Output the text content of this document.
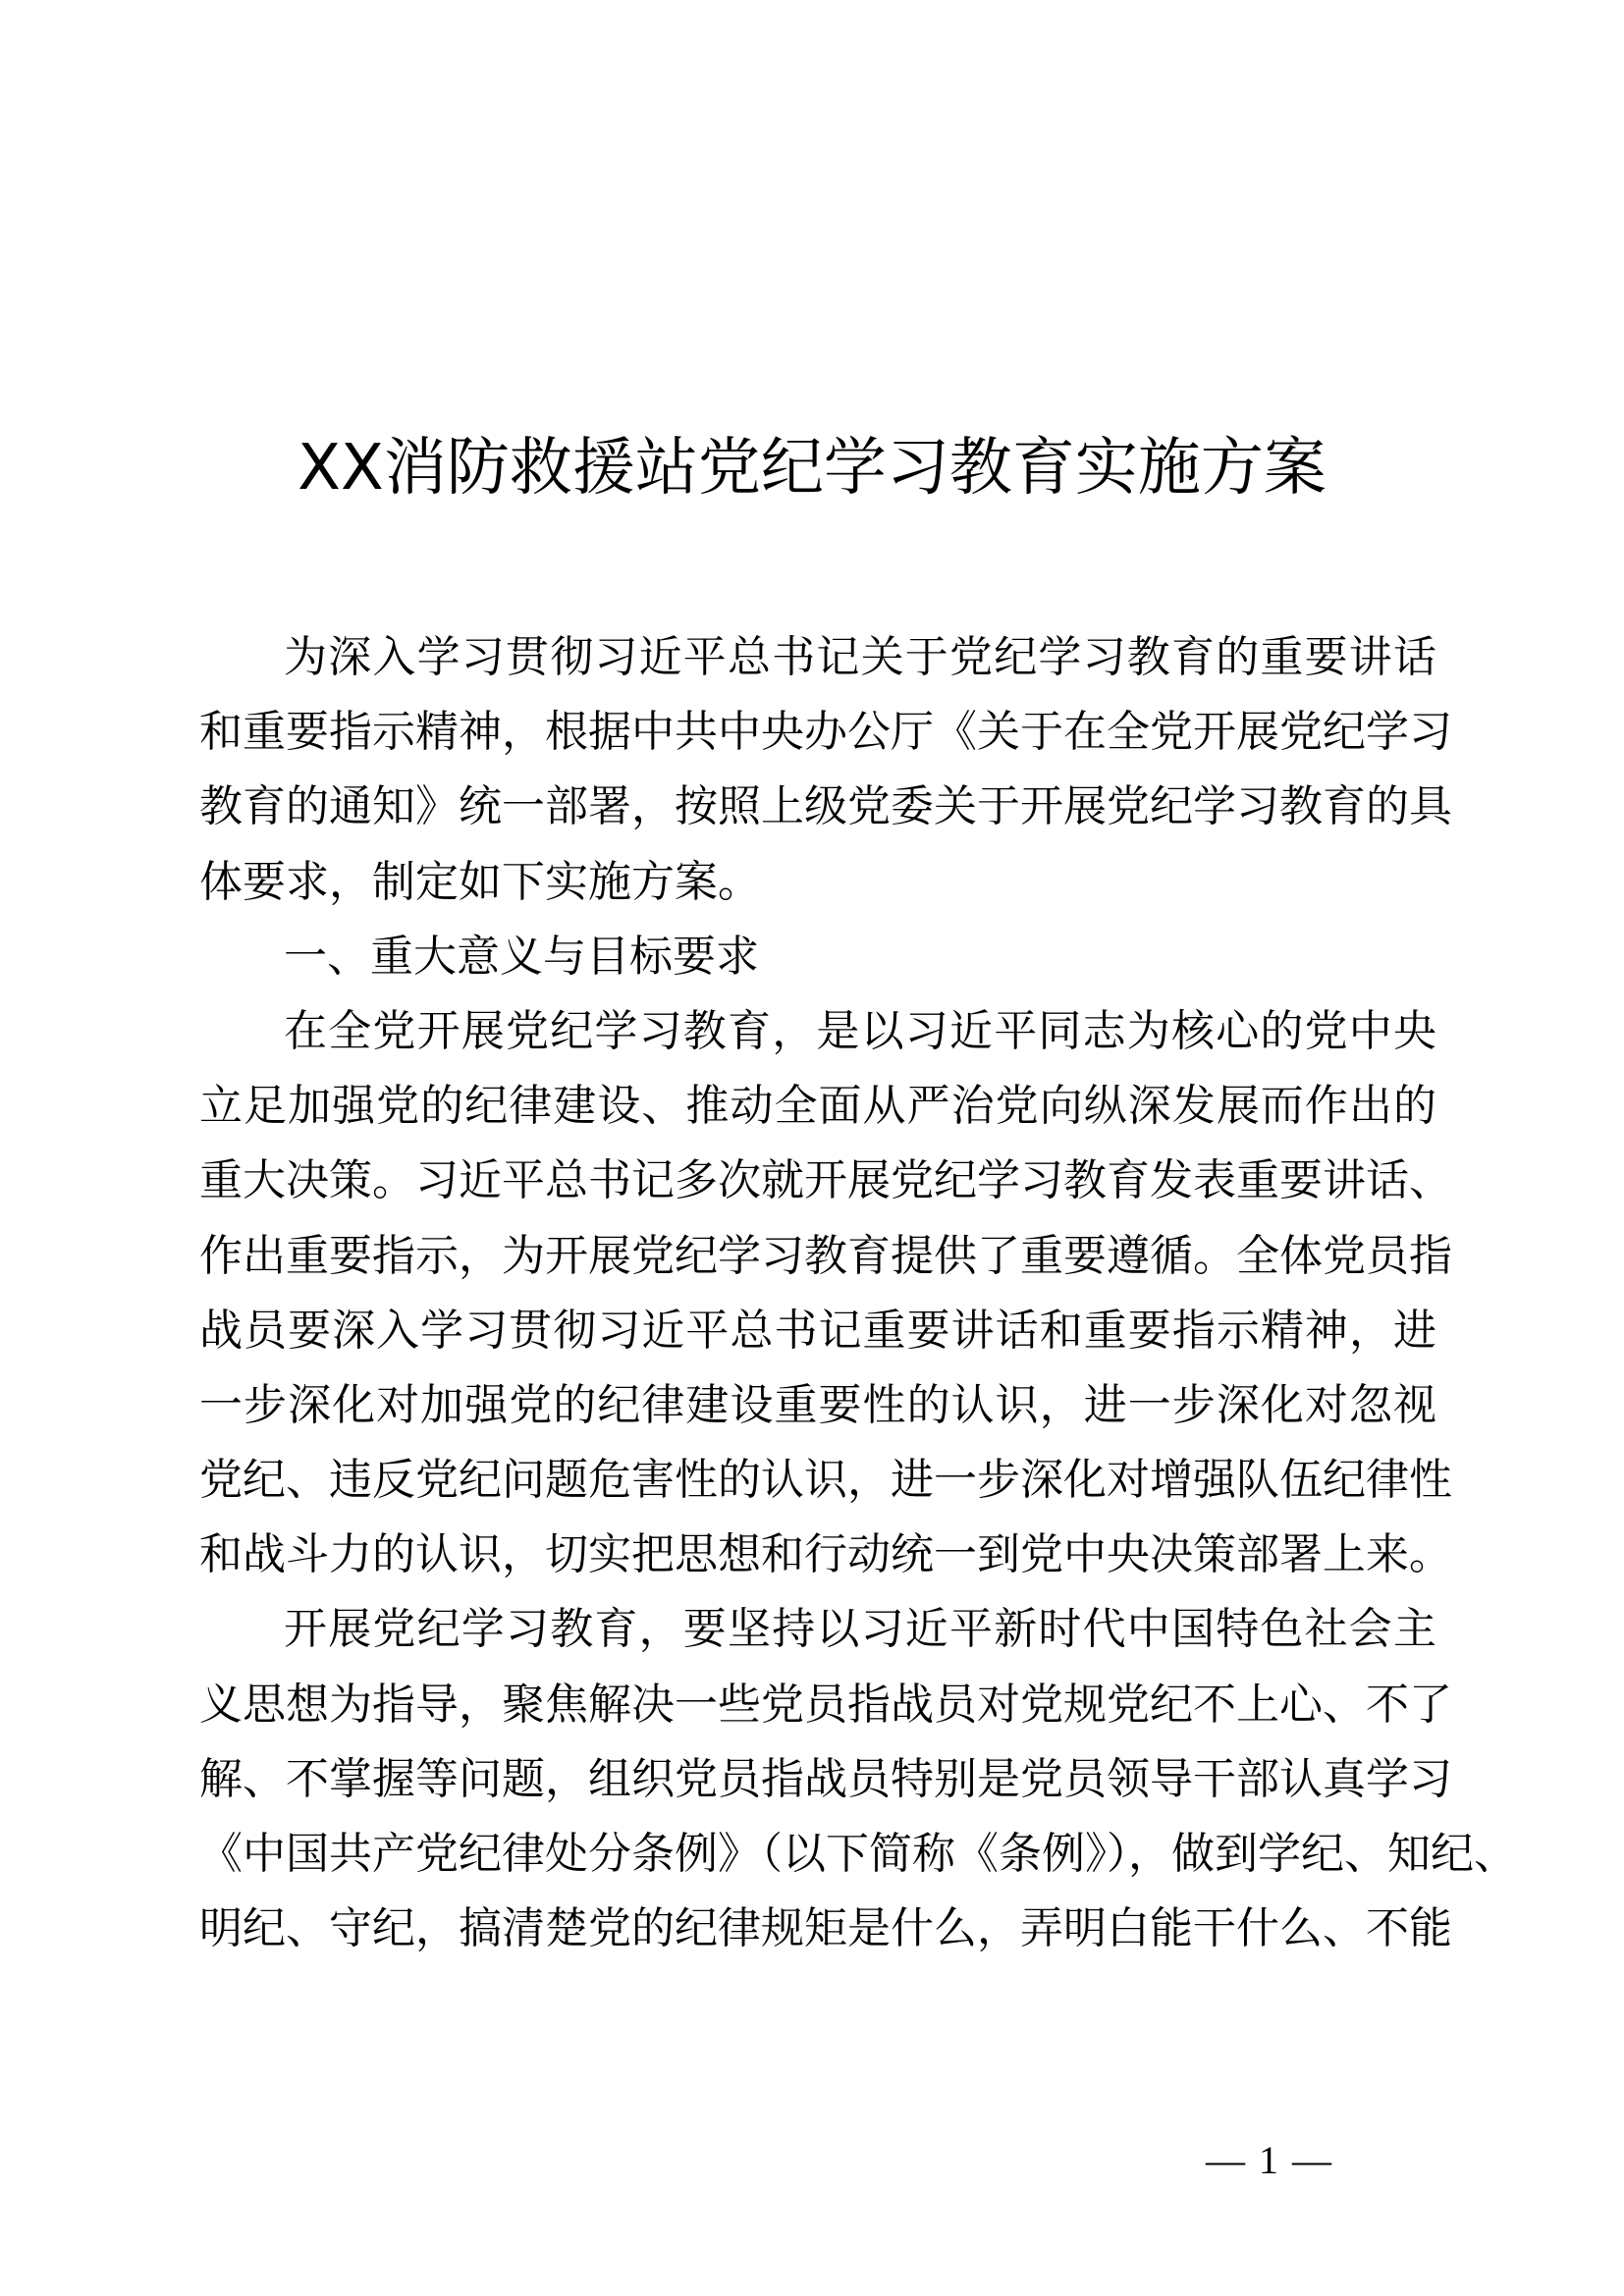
XX消防救援站党纪学习教育实施方案
为深入学习贯彻习近平总书记关于党纪学习教育的重要讲话
和重要指示精神，根据中共中央办公厅《关于在全党开展党纪学习
教育的通知》统一部署，按照上级党委关于开展党纪学习教育的具
体要求，制定如下实施方案。
一、重大意义与目标要求
在全党开展党纪学习教育，是以习近平同志为核心的党中央
立足加强党的纪律建设、推动全面从严治党向纵深发展而作出的
重大决策。习近平总书记多次就开展党纪学习教育发表重要讲话、
作出重要指示，为开展党纪学习教育提供了重要遵循。全体党员指
战员要深入学习贯彻习近平总书记重要讲话和重要指示精神，进
一步深化对加强党的纪律建设重要性的认识，进一步深化对忽视
党纪、违反党纪问题危害性的认识，进一步深化对增强队伍纪律性
和战斗力的认识，切实把思想和行动统一到党中央决策部署上来。
开展党纪学习教育，要坚持以习近平新时代中国特色社会主
义思想为指导，聚焦解决一些党员指战员对党规党纪不上心、不了
解、不掌握等问题，组织党员指战员特别是党员领导干部认真学习
《中国共产党纪律处分条例》（以下简称《条例》），做到学纪、知纪、
明纪、守纪，搞清楚党的纪律规矩是什么，弄明白能干什么、不能
— 1 —
